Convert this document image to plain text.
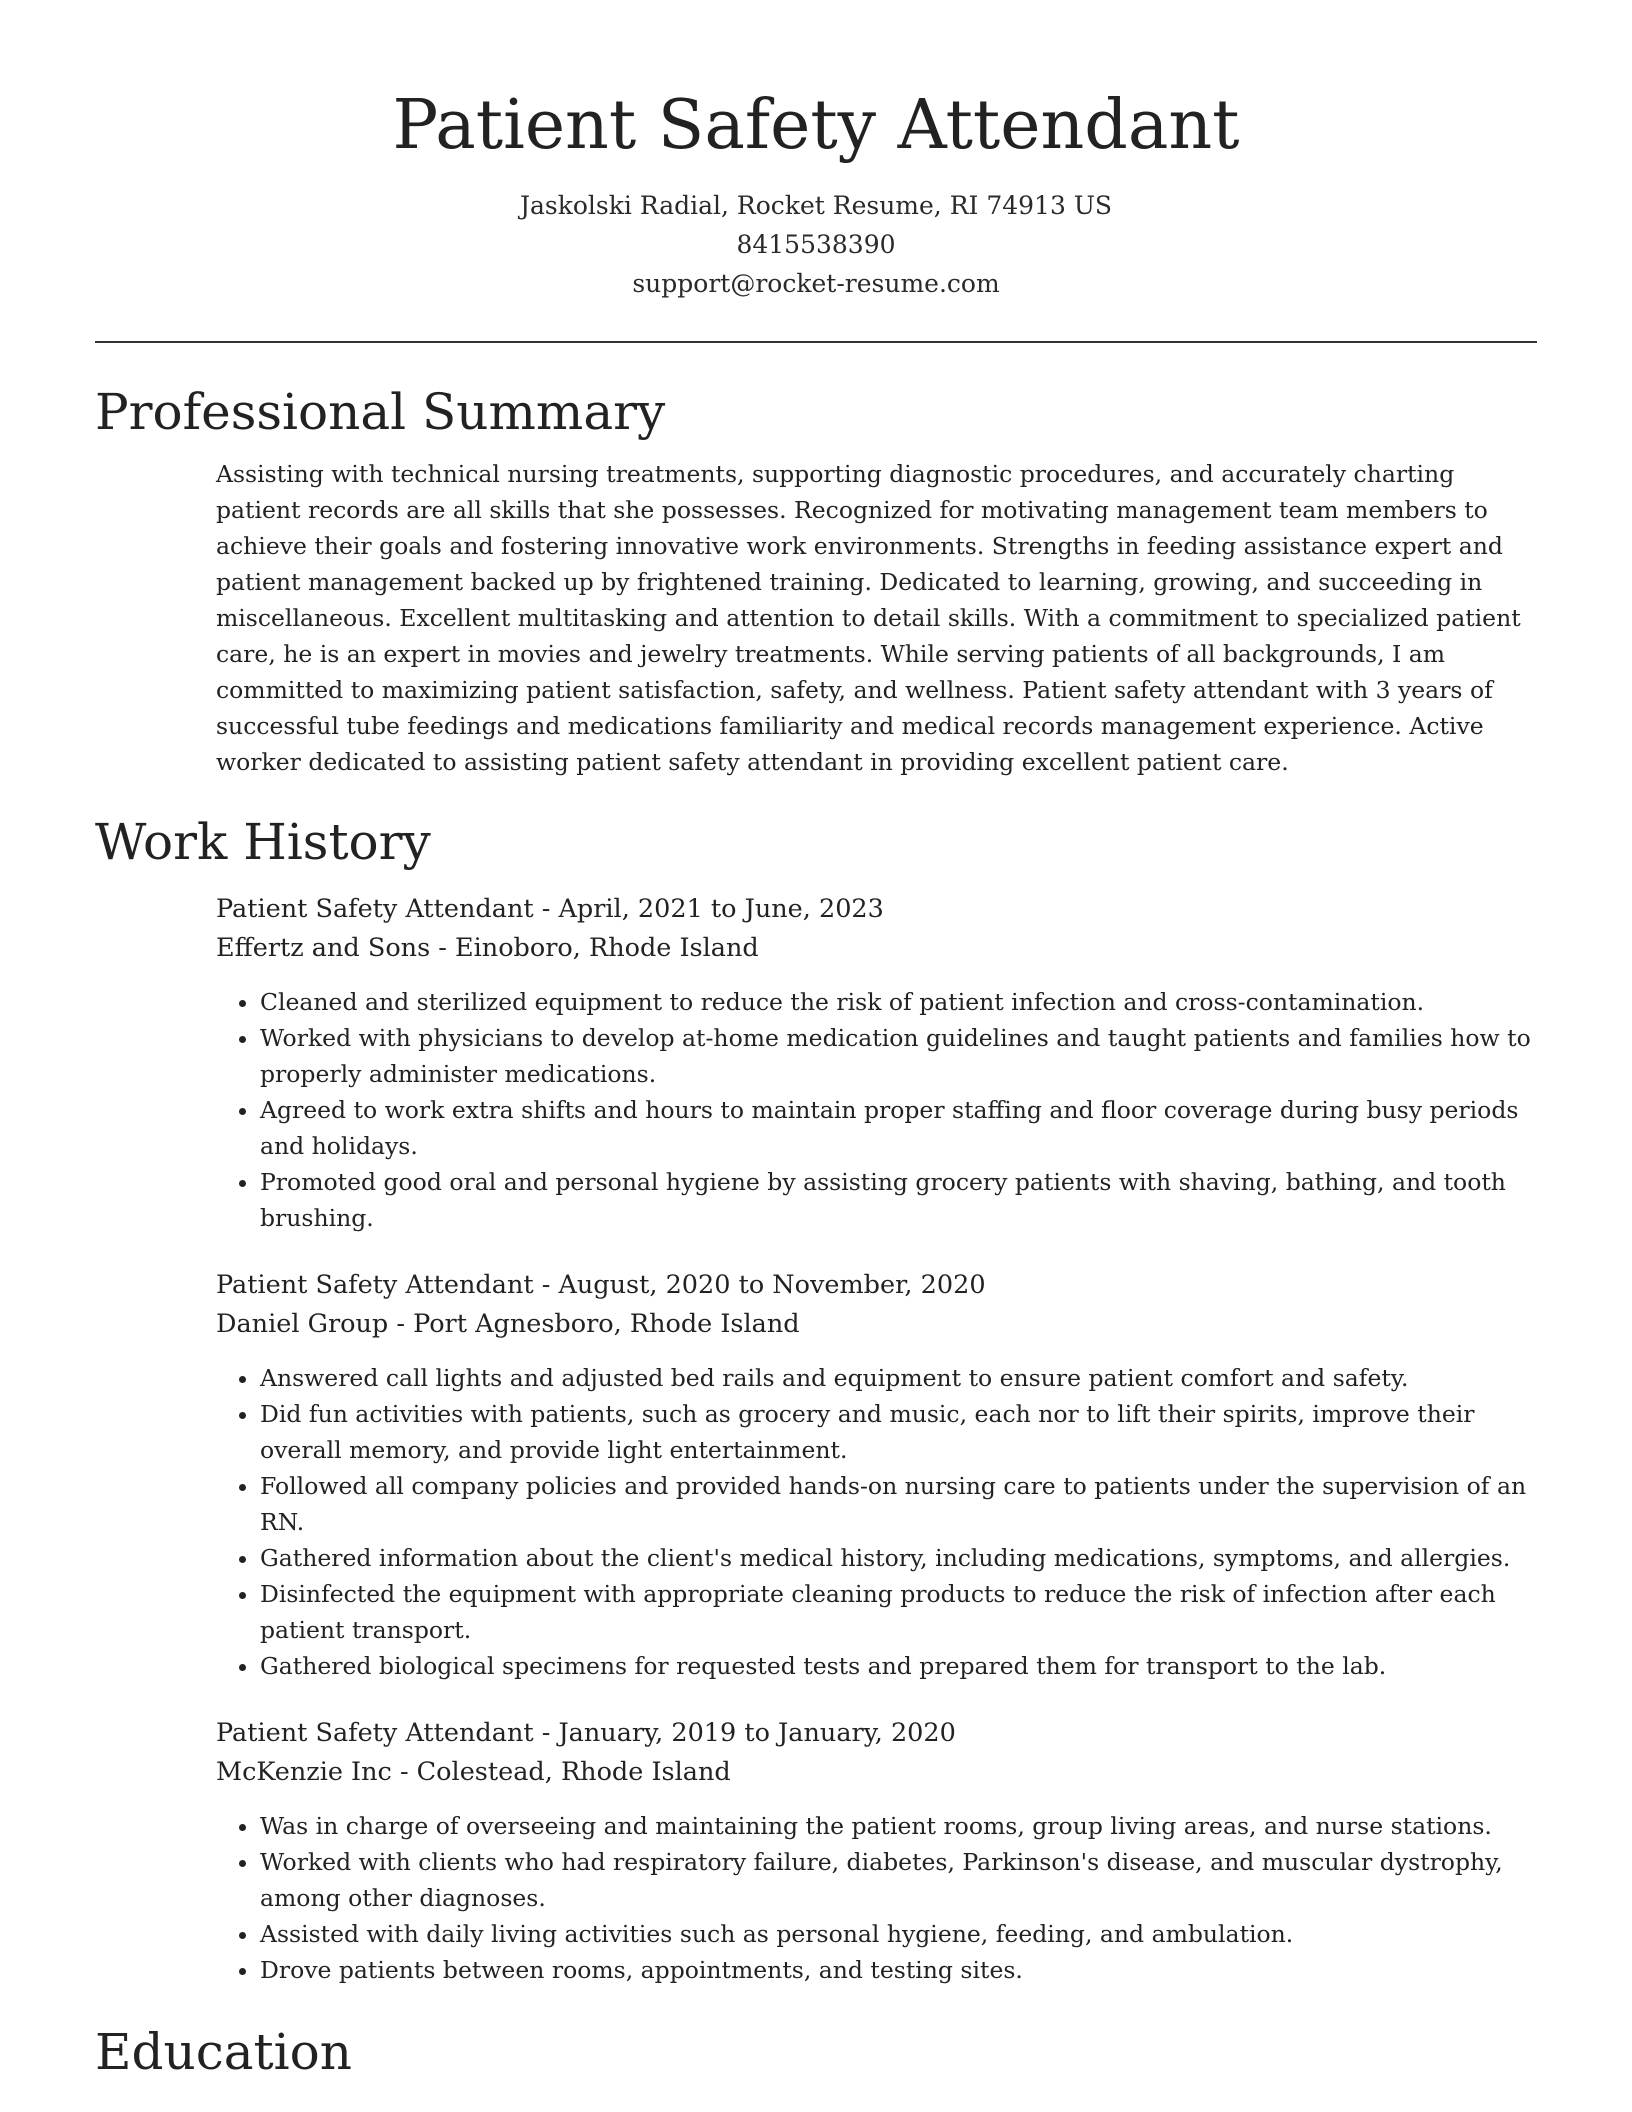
Patient Safety Attendant
Jaskolski Radial, Rocket Resume, RI 74913 US
8415538390
support@rocket-resume.com
Professional Summary

Assisting with technical nursing treatments, supporting diagnostic procedures, and accurately charting patient records are all skills that she possesses. Recognized for motivating management team members to achieve their goals and fostering innovative work environments. Strengths in feeding assistance expert and patient management backed up by frightened training. Dedicated to learning, growing, and succeeding in miscellaneous. Excellent multitasking and attention to detail skills. With a commitment to specialized patient care, he is an expert in movies and jewelry treatments. While serving patients of all backgrounds, I am committed to maximizing patient satisfaction, safety, and wellness. Patient safety attendant with 3 years of successful tube feedings and medications familiarity and medical records management experience. Active worker dedicated to assisting patient safety attendant in providing excellent patient care.

Work History
Patient Safety Attendant - April, 2021 to June, 2023
Effertz and Sons - Einoboro, Rhode Island
• Cleaned and sterilized equipment to reduce the risk of patient infection and cross-contamination.
• Worked with physicians to develop at-home medication guidelines and taught patients and families how to properly administer medications.
• Agreed to work extra shifts and hours to maintain proper staffing and floor coverage during busy periods and holidays.
• Promoted good oral and personal hygiene by assisting grocery patients with shaving, bathing, and tooth brushing.
Patient Safety Attendant - August, 2020 to November, 2020
Daniel Group - Port Agnesboro, Rhode Island
• Answered call lights and adjusted bed rails and equipment to ensure patient comfort and safety.
• Did fun activities with patients, such as grocery and music, each nor to lift their spirits, improve their overall memory, and provide light entertainment.
• Followed all company policies and provided hands-on nursing care to patients under the supervision of an RN.
• Gathered information about the client's medical history, including medications, symptoms, and allergies.
• Disinfected the equipment with appropriate cleaning products to reduce the risk of infection after each patient transport.
• Gathered biological specimens for requested tests and prepared them for transport to the lab.
Patient Safety Attendant - January, 2019 to January, 2020
McKenzie Inc - Colestead, Rhode Island
• Was in charge of overseeing and maintaining the patient rooms, group living areas, and nurse stations.
• Worked with clients who had respiratory failure, diabetes, Parkinson's disease, and muscular dystrophy, among other diagnoses.
• Assisted with daily living activities such as personal hygiene, feeding, and ambulation.
• Drove patients between rooms, appointments, and testing sites.
Education
